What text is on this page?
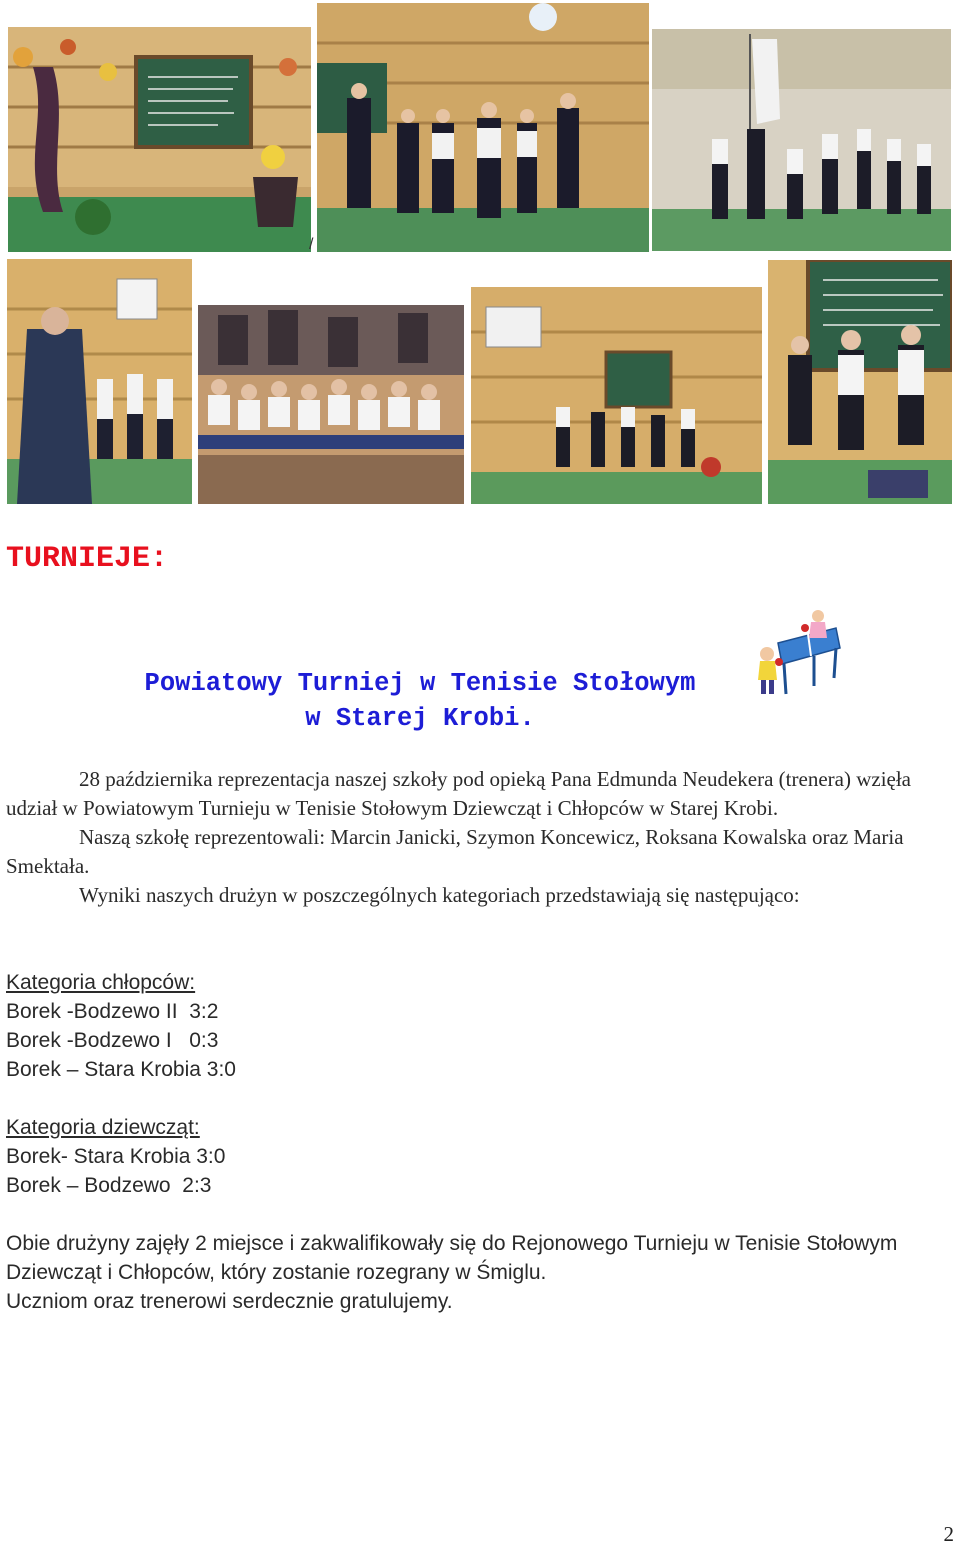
/
TURNIEJE:
Powiatowy Turniej w Tenisie Stołowym
w Starej Krobi.

28 października reprezentacja naszej szkoły pod opieką Pana Edmunda Neudekera (trenera) wzięła udział w Powiatowym Turnieju w Tenisie Stołowym Dziewcząt i Chłopców w Starej Krobi.

Naszą szkołę reprezentowali: Marcin Janicki, Szymon Koncewicz, Roksana Kowalska oraz Maria Smektała.

Wyniki naszych drużyn w poszczególnych kategoriach przedstawiają się następująco:

Kategoria chłopców:

Borek -Bodzewo II  3:2

Borek -Bodzewo I   0:3

Borek – Stara Krobia 3:0

Kategoria dziewcząt:

Borek- Stara Krobia 3:0

Borek – Bodzewo  2:3

Obie drużyny zajęły 2 miejsce i zakwalifikowały się do Rejonowego Turnieju w Tenisie Stołowym Dziewcząt i Chłopców, który zostanie rozegrany w Śmiglu.

Uczniom oraz trenerowi serdecznie gratulujemy.

2
